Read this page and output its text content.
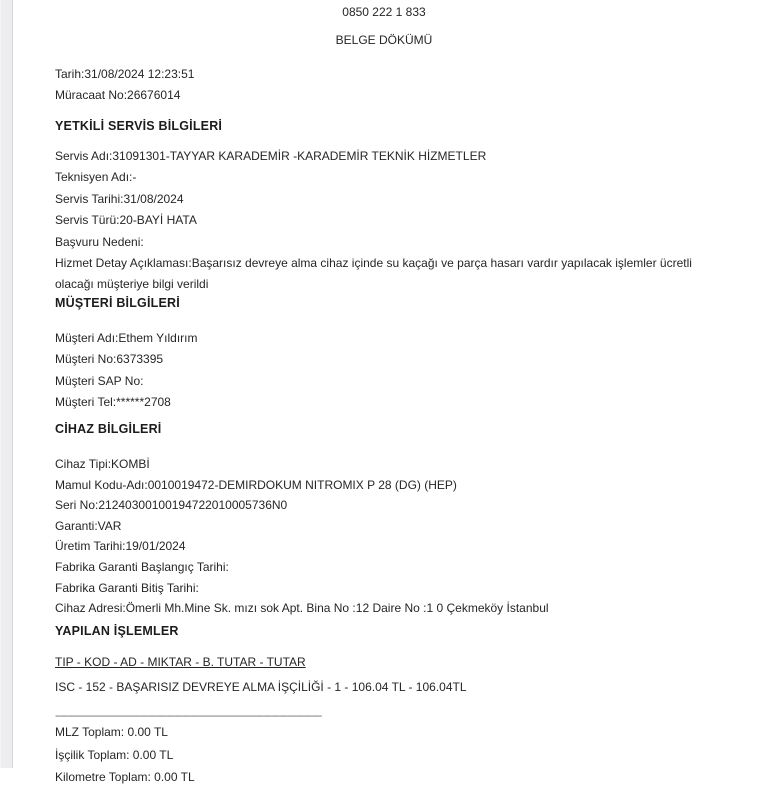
0850 222 1 833
BELGE DÖKÜMÜ
Tarih:31/08/2024 12:23:51
Müracaat No:26676014
YETKİLİ SERVİS BİLGİLERİ
Servis Adı:31091301-TAYYAR KARADEMİR -KARADEMİR TEKNİK HİZMETLER
Teknisyen Adı:-
Servis Tarihi:31/08/2024
Servis Türü:20-BAYİ HATA
Başvuru Nedeni:
Hizmet Detay Açıklaması:Başarısız devreye alma cihaz içinde su kaçağı ve parça hasarı vardır yapılacak işlemler ücretli olacağı müşteriye bilgi verildi
MÜŞTERİ BİLGİLERİ
Müşteri Adı:Ethem Yıldırım
Müşteri No:6373395
Müşteri SAP No:
Müşteri Tel:******2708
CİHAZ BİLGİLERİ
Cihaz Tipi:KOMBİ
Mamul Kodu-Adı:0010019472-DEMIRDOKUM NITROMIX P 28 (DG) (HEP)
Seri No:21240300100194722010005736N0
Garanti:VAR
Üretim Tarihi:19/01/2024
Fabrika Garanti Başlangıç Tarihi:
Fabrika Garanti Bitiş Tarihi:
Cihaz Adresi:Ömerli Mh.Mine Sk. mızı sok Apt. Bina No :12 Daire No :1 0 Çekmeköy İstanbul
YAPILAN İŞLEMLER
TIP - KOD - AD - MIKTAR - B. TUTAR - TUTAR
ISC - 152 - BAŞARISIZ DEVREYE ALMA İŞÇİLİĞİ - 1 - 106.04 TL - 106.04TL
----------------------------------------------------------------------------------------------------
MLZ Toplam: 0.00 TL
İşçilik Toplam: 0.00 TL
Kilometre Toplam: 0.00 TL
